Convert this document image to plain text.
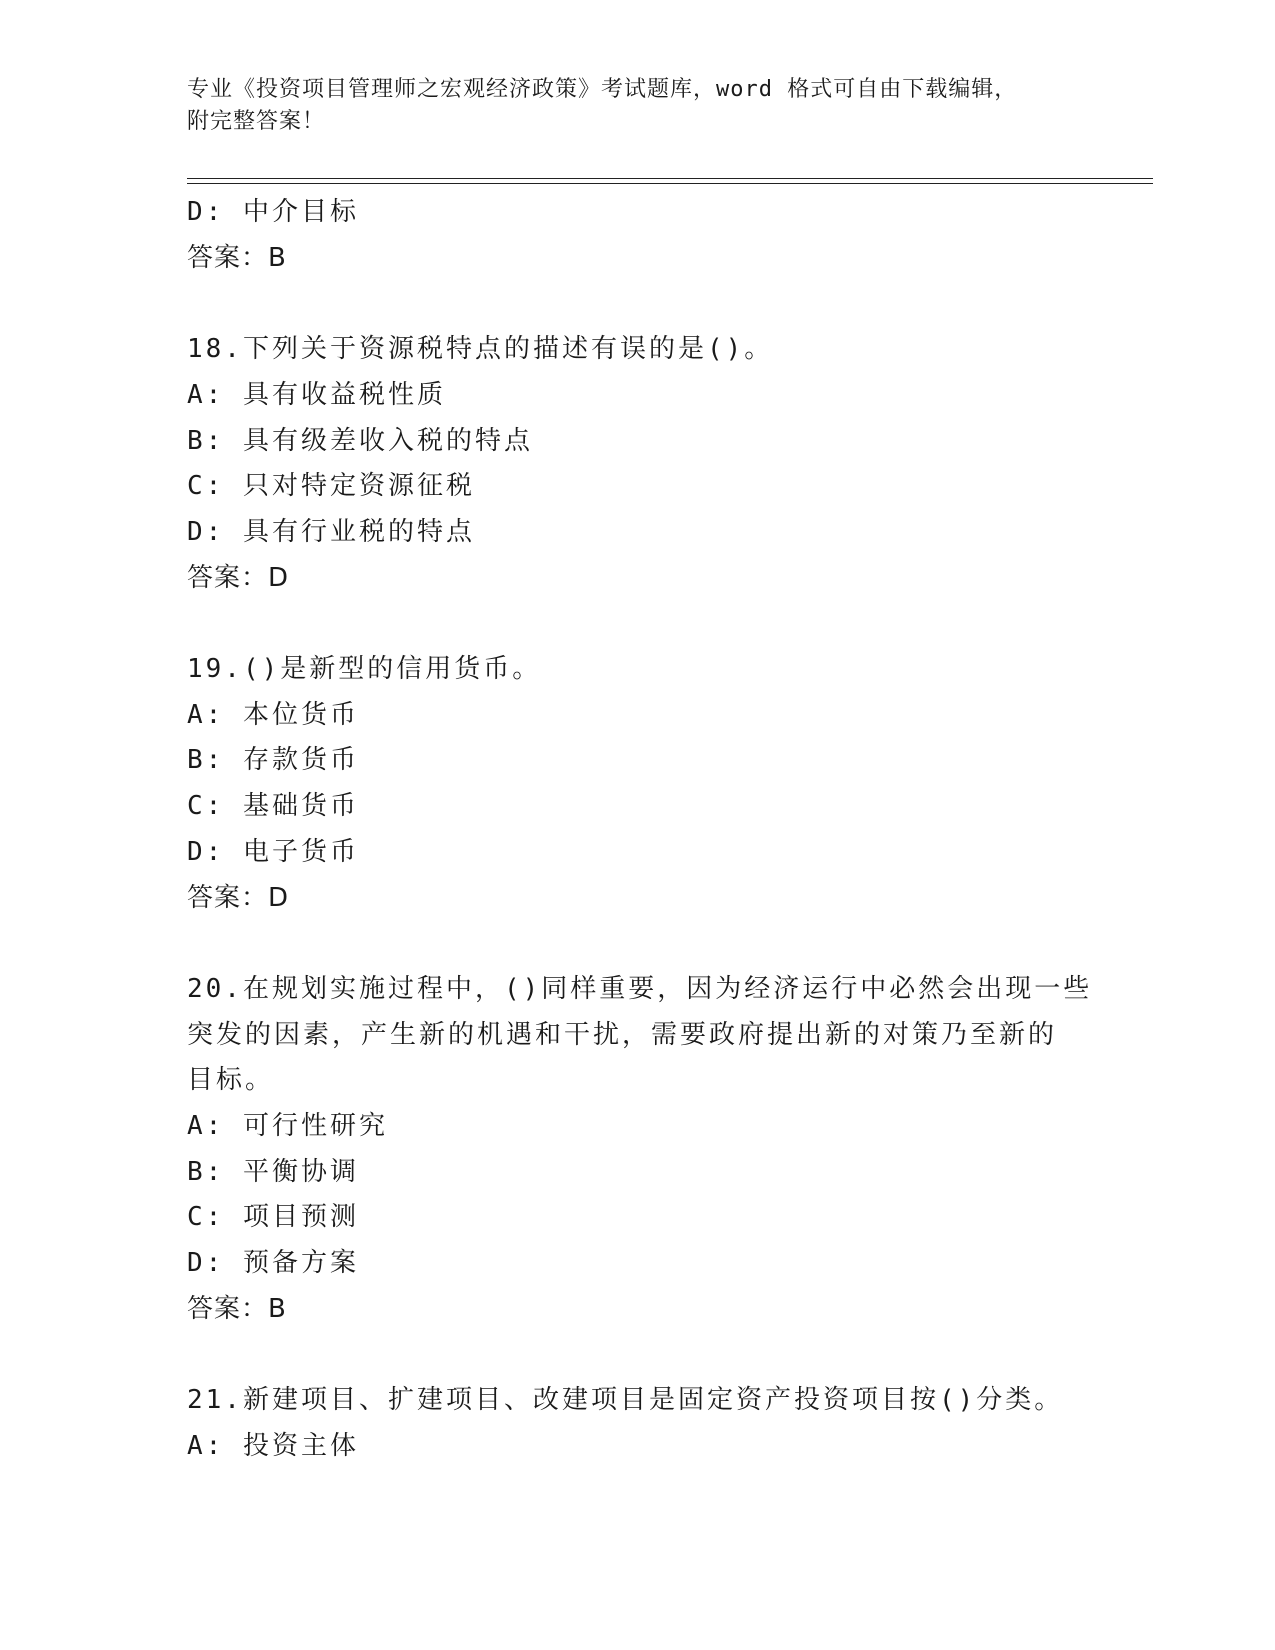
专业《投资项目管理师之宏观经济政策》考试题库，word 格式可自由下载编辑，
附完整答案！
D: 中介目标
答案：B
18.下列关于资源税特点的描述有误的是()。
A: 具有收益税性质
B: 具有级差收入税的特点
C: 只对特定资源征税
D: 具有行业税的特点
答案：D
19.()是新型的信用货币。
A: 本位货币
B: 存款货币
C: 基础货币
D: 电子货币
答案：D
20.在规划实施过程中，()同样重要，因为经济运行中必然会出现一些
突发的因素，产生新的机遇和干扰，需要政府提出新的对策乃至新的
目标。
A: 可行性研究
B: 平衡协调
C: 项目预测
D: 预备方案
答案：B
21.新建项目、扩建项目、改建项目是固定资产投资项目按()分类。
A: 投资主体
